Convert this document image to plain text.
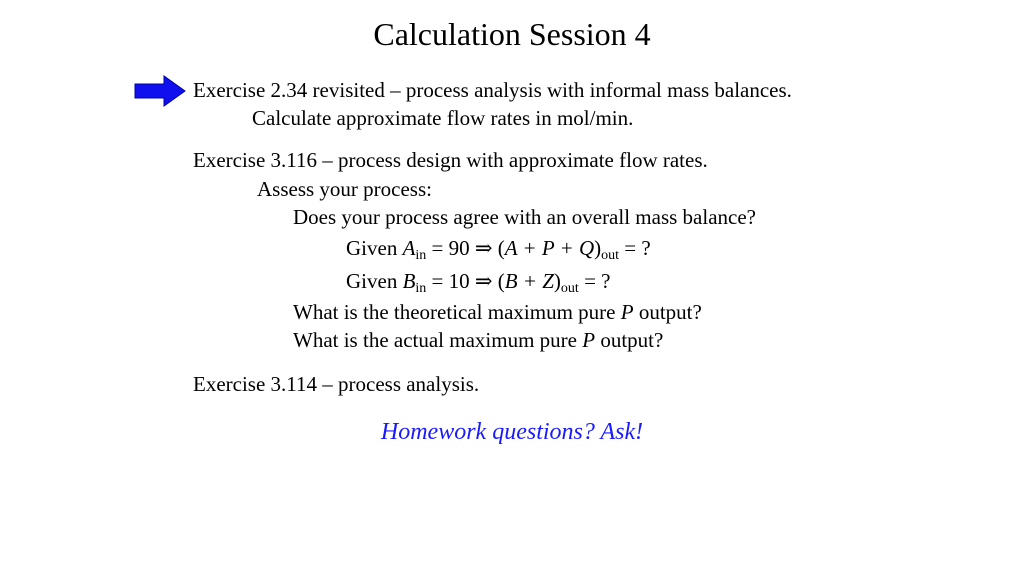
Calculation Session 4
Exercise 2.34 revisited – process analysis with informal mass balances.
Calculate approximate flow rates in mol/min.
Exercise 3.116 – process design with approximate flow rates.
Assess your process:
Does your process agree with an overall mass balance?
Given $A_{in} = 90$ ⇒ $(A + P + Q)_{out}$ = ?
Given $B_{in} = 10$ ⇒ $(B + Z)_{out}$ = ?
What is the theoretical maximum pure P output?
What is the actual maximum pure P output?
Exercise 3.114 – process analysis.
Homework questions? Ask!
